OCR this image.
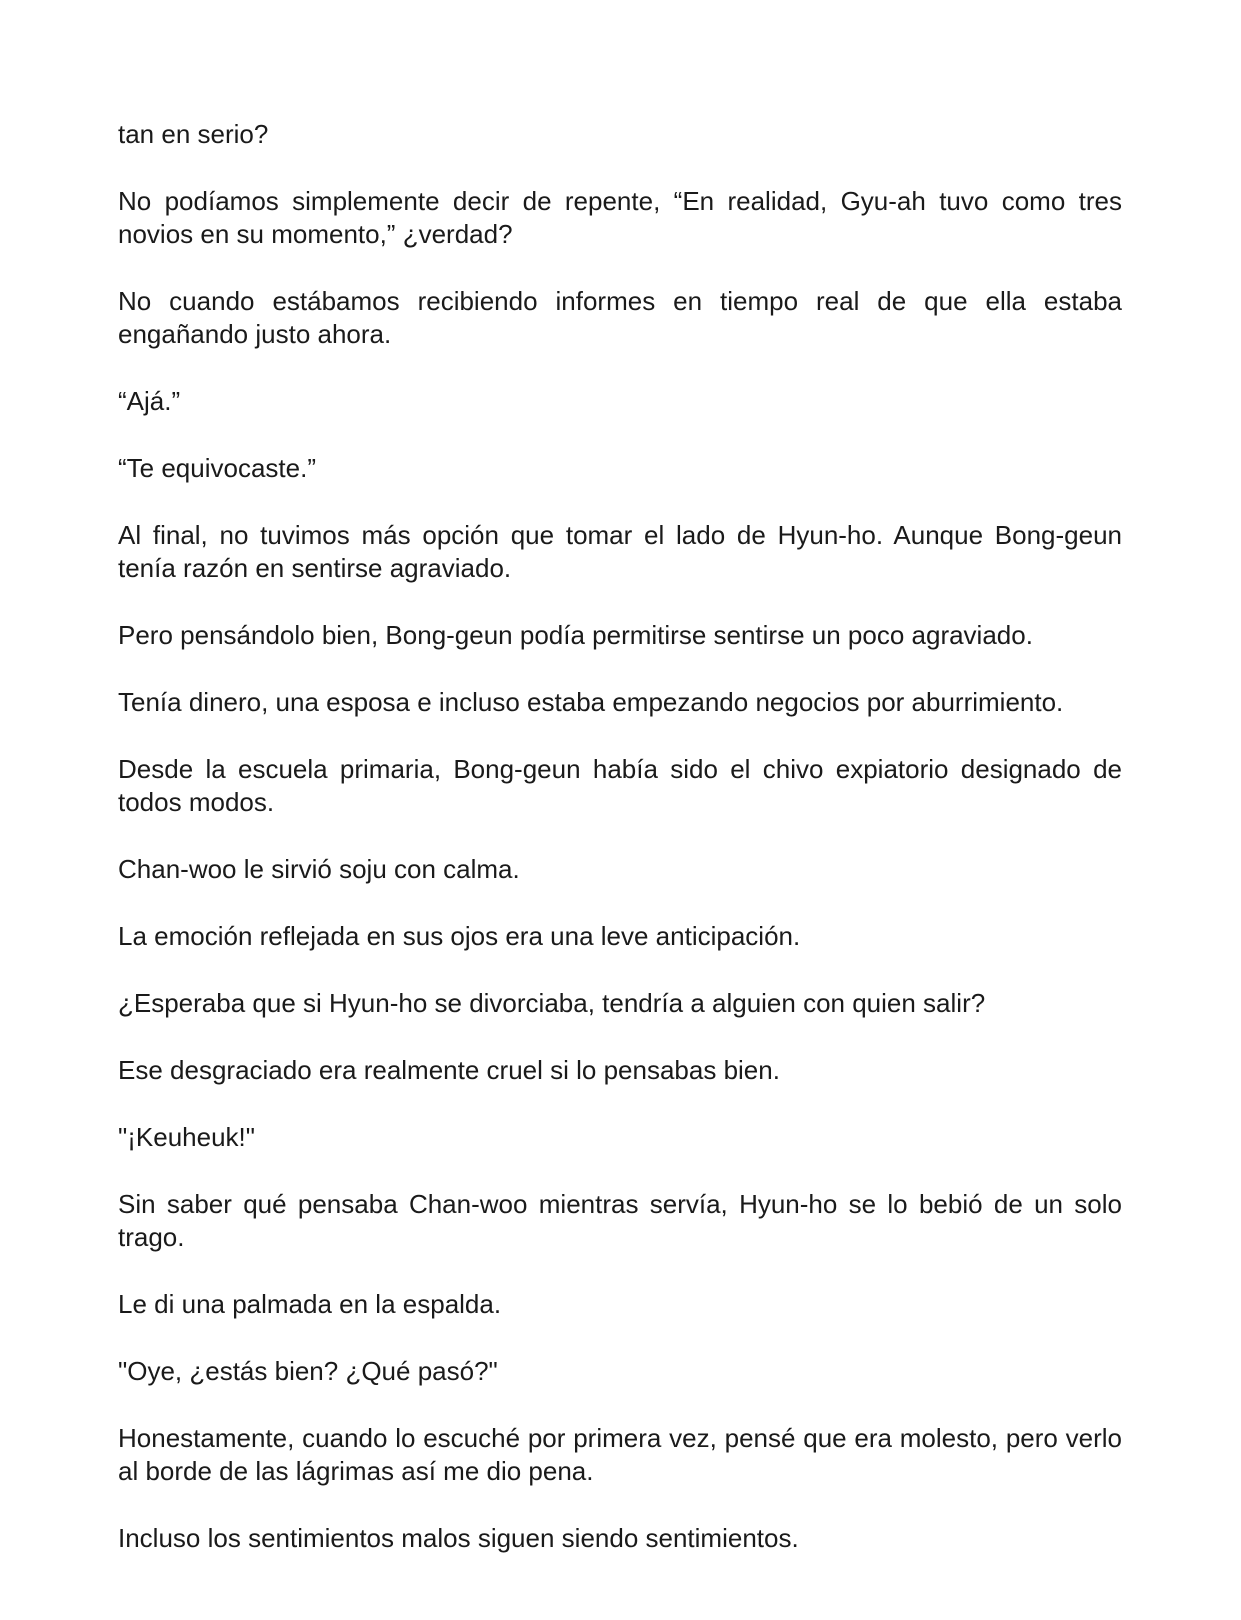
tan en serio?

No podíamos simplemente decir de repente, “En realidad, Gyu-ah tuvo como tres novios en su momento,” ¿verdad?

No cuando estábamos recibiendo informes en tiempo real de que ella estaba engañando justo ahora.

“Ajá.”

“Te equivocaste.”

Al final, no tuvimos más opción que tomar el lado de Hyun-ho. Aunque Bong-geun tenía razón en sentirse agraviado.

Pero pensándolo bien, Bong-geun podía permitirse sentirse un poco agraviado.

Tenía dinero, una esposa e incluso estaba empezando negocios por aburrimiento.

Desde la escuela primaria, Bong-geun había sido el chivo expiatorio designado de todos modos.

Chan-woo le sirvió soju con calma.

La emoción reflejada en sus ojos era una leve anticipación.

¿Esperaba que si Hyun-ho se divorciaba, tendría a alguien con quien salir?

Ese desgraciado era realmente cruel si lo pensabas bien.

"¡Keuheuk!"

Sin saber qué pensaba Chan-woo mientras servía, Hyun-ho se lo bebió de un solo trago.

Le di una palmada en la espalda.

"Oye, ¿estás bien? ¿Qué pasó?"

Honestamente, cuando lo escuché por primera vez, pensé que era molesto, pero verlo al borde de las lágrimas así me dio pena.

Incluso los sentimientos malos siguen siendo sentimientos.
